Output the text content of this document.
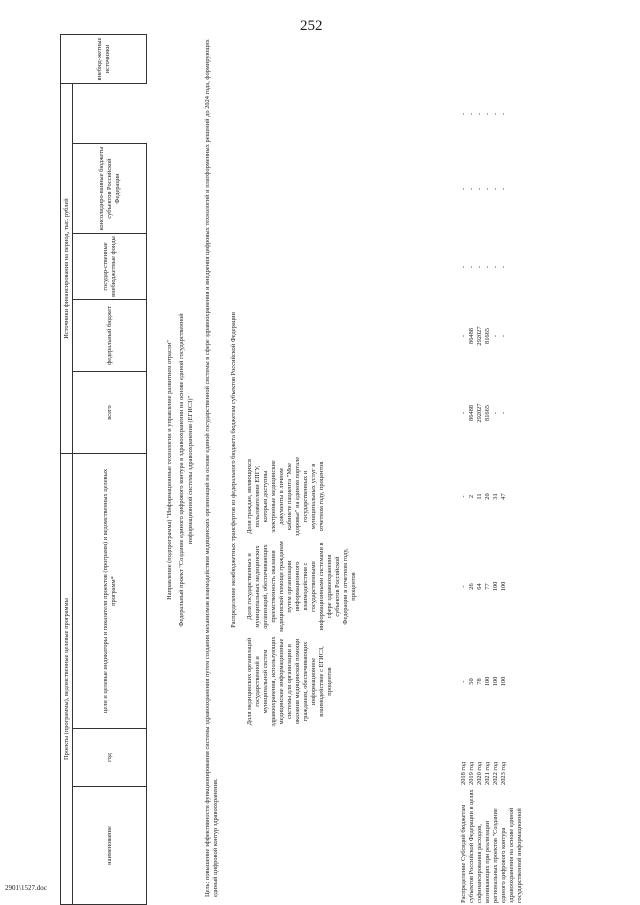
252
Проекты (программы), ведомственные целевые программы			Источники финансирования на период, тыс. рублей					внебюд-жетные источники
наименование	год	цели и целевые индикаторы и показатели проектов (программ) и ведомственных целевых программ*	всего	федеральный бюджет	государ-ственные внебюджетные фонды	консолидиро-ванные бюджеты субъектов Российской Федерации		
Направление (подпрограмма) "Информационные технологии и управление развитием отрасли" Федеральный проект "Создание единого цифрового контура в здравоохранении на основе единой государственной информационной системы здравоохранения (ЕГИСЗ)" Цель: повышение эффективности функционирования системы здравоохранения путем создания механизмов взаимодействия медицинских организаций на основе единой государственной системы в сфере здравоохранения и внедрения цифровых технологий и платформенных решений до 2024 года, формирующих единый цифровой контур здравоохранения.
Распределение межбюджетных трансфертов из федерального бюджета бюджетам субъектов Российской Федерации
		Доля медицинских организаций государственной и муниципальной систем здравоохранения, использующих медицинские информационные системы для организации и оказания медицинской помощи гражданам, обеспечивающих информационное взаимодействие с ЕГИСЗ, процентов	Доля государственных и муниципальных медицинских организаций, обеспечивающих преемственность оказания медицинской помощи гражданам путем организации информационного взаимодействия с государственными информационными системами в сфере здравоохранения субъектов Российской Федерации в отчетном году, процентов	Доля граждан, являющихся пользователями ЕПГУ, которым доступны электронные медицинские документы в личном кабинете пациента "Мое здоровье" на едином портале государственных и муниципальных услуг в отчетном году, процентов						
	2018 год	-	-	-	-	-	-	-	-	
	2019 год	50	26	2	86488	86488	-	-	-	
	2020 год	78	64	11	292027	292027	-	-	-	
	2021 год	100	77	20	81665	81665	-	-	-	
	2022 год	100	100	31	-	-	-	-	-	
	2023 год	100	100	47	-	-	-	-	-	
Распределение Субсидий бюджетам субъектов Российской Федерации в целях софинансирования расходов, возникающих при реализации региональных проектов "Создание единого цифрового контура здравоохранения на основе единой государственной информационной
2901\1527.doc
